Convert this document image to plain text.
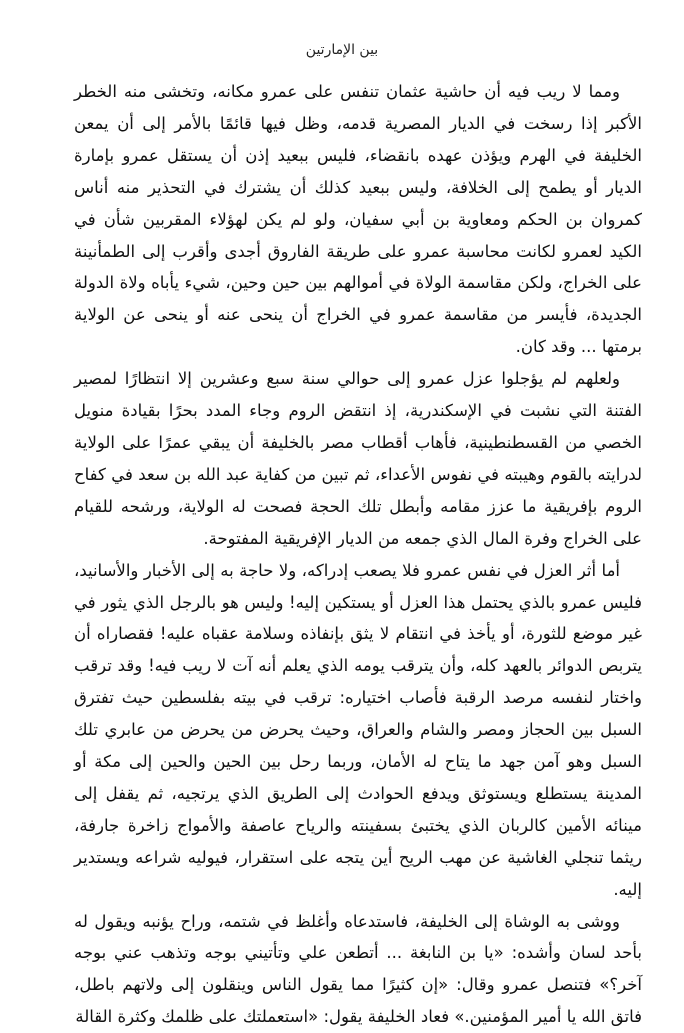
بين الإمارتين

ومما لا ريب فيه أن حاشية عثمان تنفس على عمرو مكانه، وتخشى منه الخطر الأكبر إذا رسخت في الديار المصرية قدمه، وظل فيها قائمًا بالأمر إلى أن يمعن الخليفة في الهرم ويؤذن عهده بانقضاء، فليس ببعيد إذن أن يستقل عمرو بإمارة الديار أو يطمح إلى الخلافة، وليس ببعيد كذلك أن يشترك في التحذير منه أناس كمروان بن الحكم ومعاوية بن أبي سفيان، ولو لم يكن لهؤلاء المقربين شأن في الكيد لعمرو لكانت محاسبة عمرو على طريقة الفاروق أجدى وأقرب إلى الطمأنينة على الخراج، ولكن مقاسمة الولاة في أموالهم بين حين وحين، شيء يأباه ولاة الدولة الجديدة، فأيسر من مقاسمة عمرو في الخراج أن ينحى عنه أو ينحى عن الولاية برمتها ... وقد كان.

ولعلهم لم يؤجلوا عزل عمرو إلى حوالي سنة سبع وعشرين إلا انتظارًا لمصير الفتنة التي نشبت في الإسكندرية، إذ انتقض الروم وجاء المدد بحرًا بقيادة منويل الخصي من القسطنطينية، فأهاب أقطاب مصر بالخليفة أن يبقي عمرًا على الولاية لدرايته بالقوم وهيبته في نفوس الأعداء، ثم تبين من كفاية عبد الله بن سعد في كفاح الروم بإفريقية ما عزز مقامه وأبطل تلك الحجة فصحت له الولاية، ورشحه للقيام على الخراج وفرة المال الذي جمعه من الديار الإفريقية المفتوحة.

أما أثر العزل في نفس عمرو فلا يصعب إدراكه، ولا حاجة به إلى الأخبار والأسانيد، فليس عمرو بالذي يحتمل هذا العزل أو يستكين إليه! وليس هو بالرجل الذي يثور في غير موضع للثورة، أو يأخذ في انتقام لا يثق بإنفاذه وسلامة عقباه عليه! فقصاراه أن يتربص الدوائر بالعهد كله، وأن يترقب يومه الذي يعلم أنه آت لا ريب فيه! وقد ترقب واختار لنفسه مرصد الرقبة فأصاب اختياره: ترقب في بيته بفلسطين حيث تفترق السبل بين الحجاز ومصر والشام والعراق، وحيث يحرض من يحرض من عابري تلك السبل وهو آمن جهد ما يتاح له الأمان، وربما رحل بين الحين والحين إلى مكة أو المدينة يستطلع ويستوثق ويدفع الحوادث إلى الطريق الذي يرتجيه، ثم يقفل إلى مينائه الأمين كالربان الذي يختبئ بسفينته والرياح عاصفة والأمواج زاخرة جارفة، ريثما تنجلي الغاشية عن مهب الريح أين يتجه على استقرار، فيوليه شراعه ويستدير إليه.

ووشى به الوشاة إلى الخليفة، فاستدعاه وأغلظ في شتمه، وراح يؤنبه ويقول له بأحد لسان وأشده: «يا بن النابغة ... أتطعن علي وتأتيني بوجه وتذهب عني بوجه آخر؟» فتنصل عمرو وقال: «إن كثيرًا مما يقول الناس وينقلون إلى ولاتهم باطل، فاتق الله يا أمير المؤمنين.» فعاد الخليفة يقول: «استعملتك على ظلمك وكثرة القالة
